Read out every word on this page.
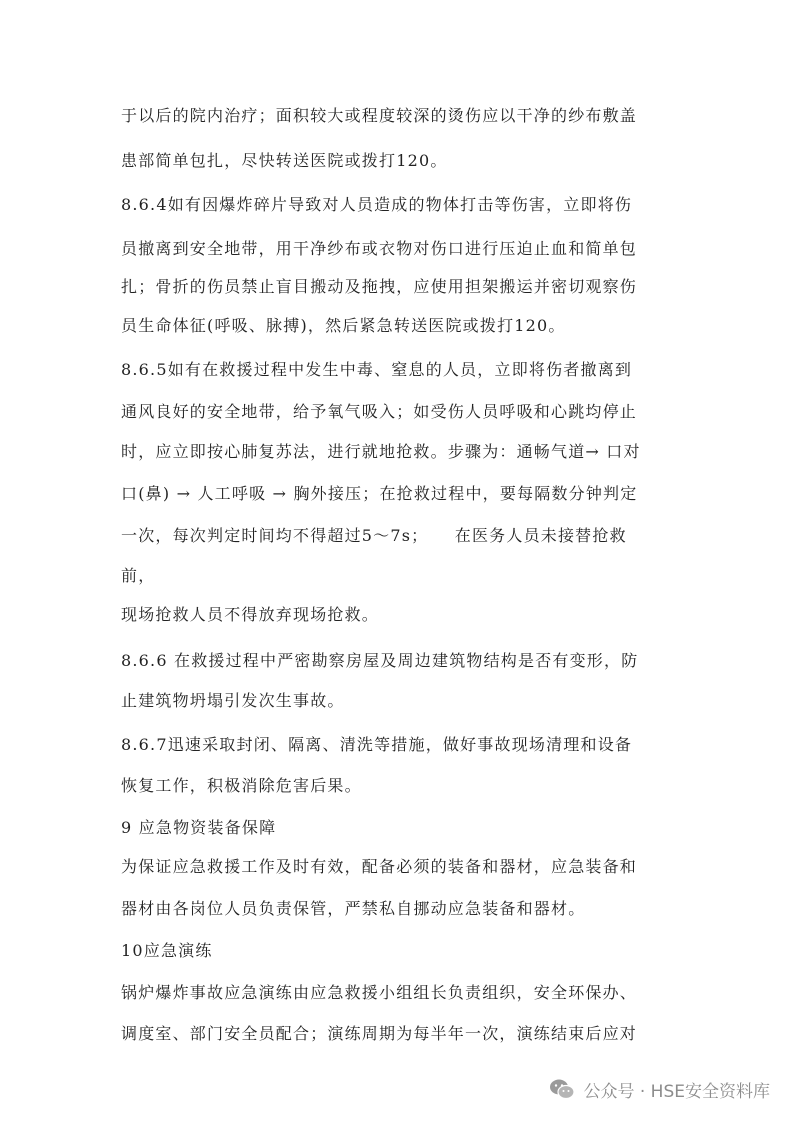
于以后的院内治疗；面积较大或程度较深的烫伤应以干净的纱布敷盖
患部简单包扎，尽快转送医院或拨打120。
8.6.4如有因爆炸碎片导致对人员造成的物体打击等伤害，立即将伤
员撤离到安全地带，用干净纱布或衣物对伤口进行压迫止血和简单包
扎；骨折的伤员禁止盲目搬动及拖拽，应使用担架搬运并密切观察伤
员生命体征(呼吸、脉搏)，然后紧急转送医院或拨打120。
8.6.5如有在救援过程中发生中毒、窒息的人员，立即将伤者撤离到
通风良好的安全地带，给予氧气吸入；如受伤人员呼吸和心跳均停止
时，应立即按心肺复苏法，进行就地抢救。步骤为：通畅气道→ 口对
口(鼻) → 人工呼吸 → 胸外接压；在抢救过程中，要每隔数分钟判定
一次，每次判定时间均不得超过5～7s；　　在医务人员未接替抢救
前，
现场抢救人员不得放弃现场抢救。
8.6.6 在救援过程中严密勘察房屋及周边建筑物结构是否有变形，防
止建筑物坍塌引发次生事故。
8.6.7迅速采取封闭、隔离、清洗等措施，做好事故现场清理和设备
恢复工作，积极消除危害后果。
9 应急物资装备保障
为保证应急救援工作及时有效，配备必须的装备和器材，应急装备和
器材由各岗位人员负责保管，严禁私自挪动应急装备和器材。
10应急演练
锅炉爆炸事故应急演练由应急救援小组组长负责组织，安全环保办、
调度室、部门安全员配合；演练周期为每半年一次，演练结束后应对
公众号 · HSE安全资料库
